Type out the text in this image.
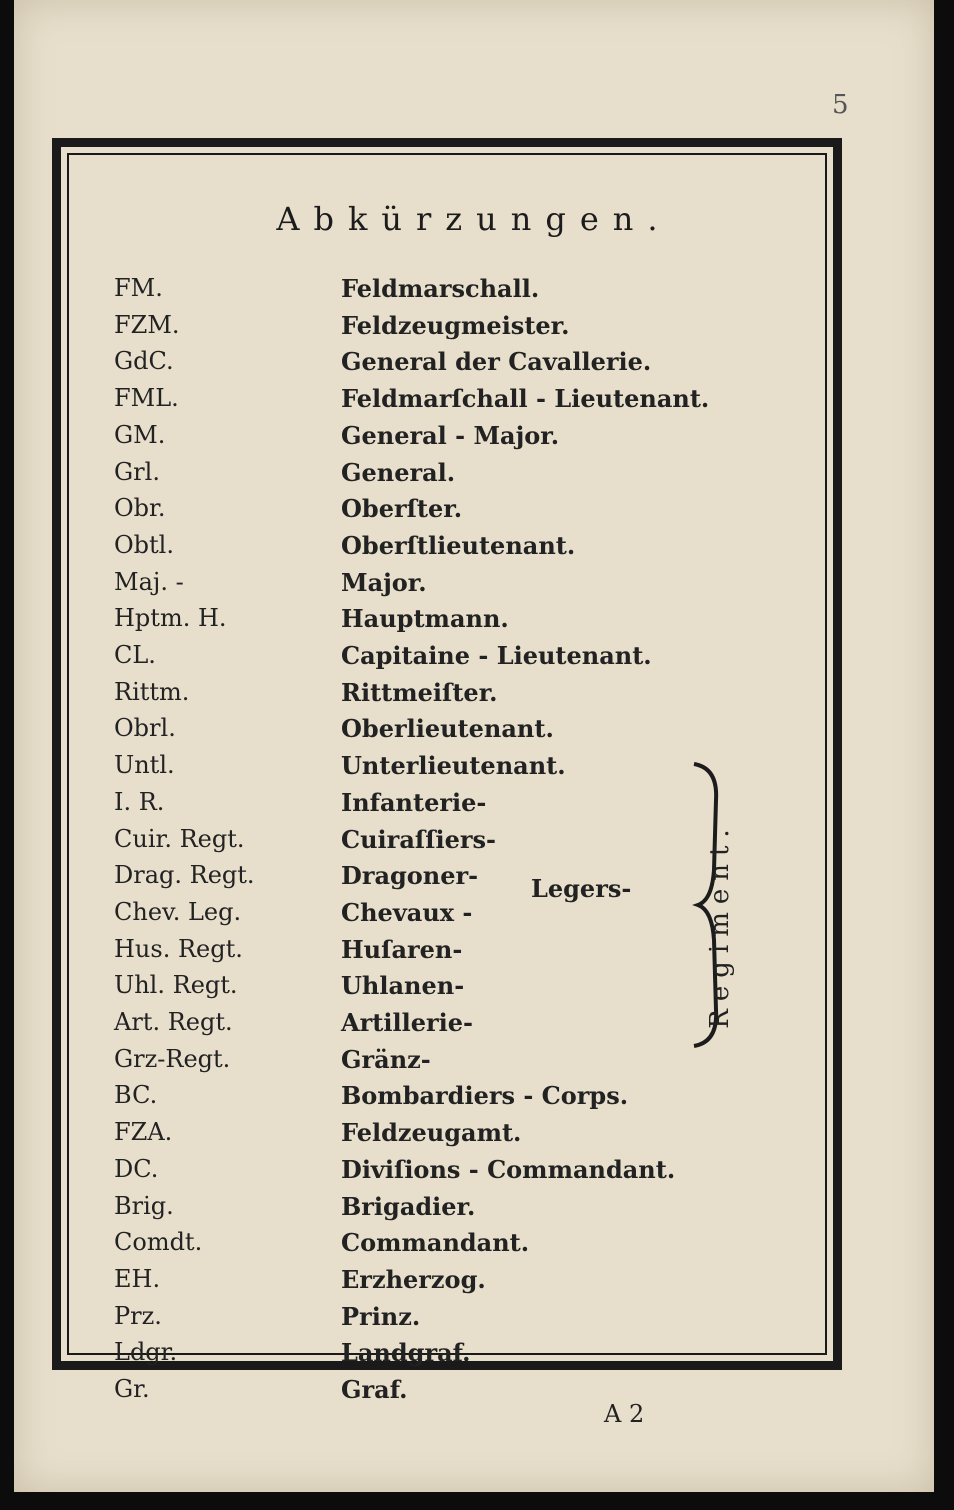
5
Abkürzungen.
FM.	Feldmarschall.
FZM.	Feldzeugmeister.
GdC.	General der Cavallerie.
FML.	Feldmarſchall - Lieutenant.
GM.	General - Major.
Grl.	General.
Obr.	Oberſter.
Obtl.	Oberſtlieutenant.
Maj. -	Major.
Hptm. H.	Hauptmann.
CL.	Capitaine - Lieutenant.
Rittm.	Rittmeiſter.
Obrl.	Oberlieutenant.
Untl.	Unterlieutenant.
I. R.	Infanterie-
Cuir. Regt.	Cuiraſſiers-
Drag. Regt.	Dragoner-
Chev. Leg.	Chevaux -
Hus. Regt.	Huſaren-
Uhl. Regt.	Uhlanen-
Art. Regt.	Artillerie-
Grz-Regt.	Gränz-
BC.	Bombardiers - Corps.
FZA.	Feldzeugamt.
DC.	Diviſions - Commandant.
Brig.	Brigadier.
Comdt.	Commandant.
EH.	Erzherzog.
Prz.	Prinz.
Ldgr.	Landgraf.
Gr.	Graf.
Legers-	Regiment.
A 2
